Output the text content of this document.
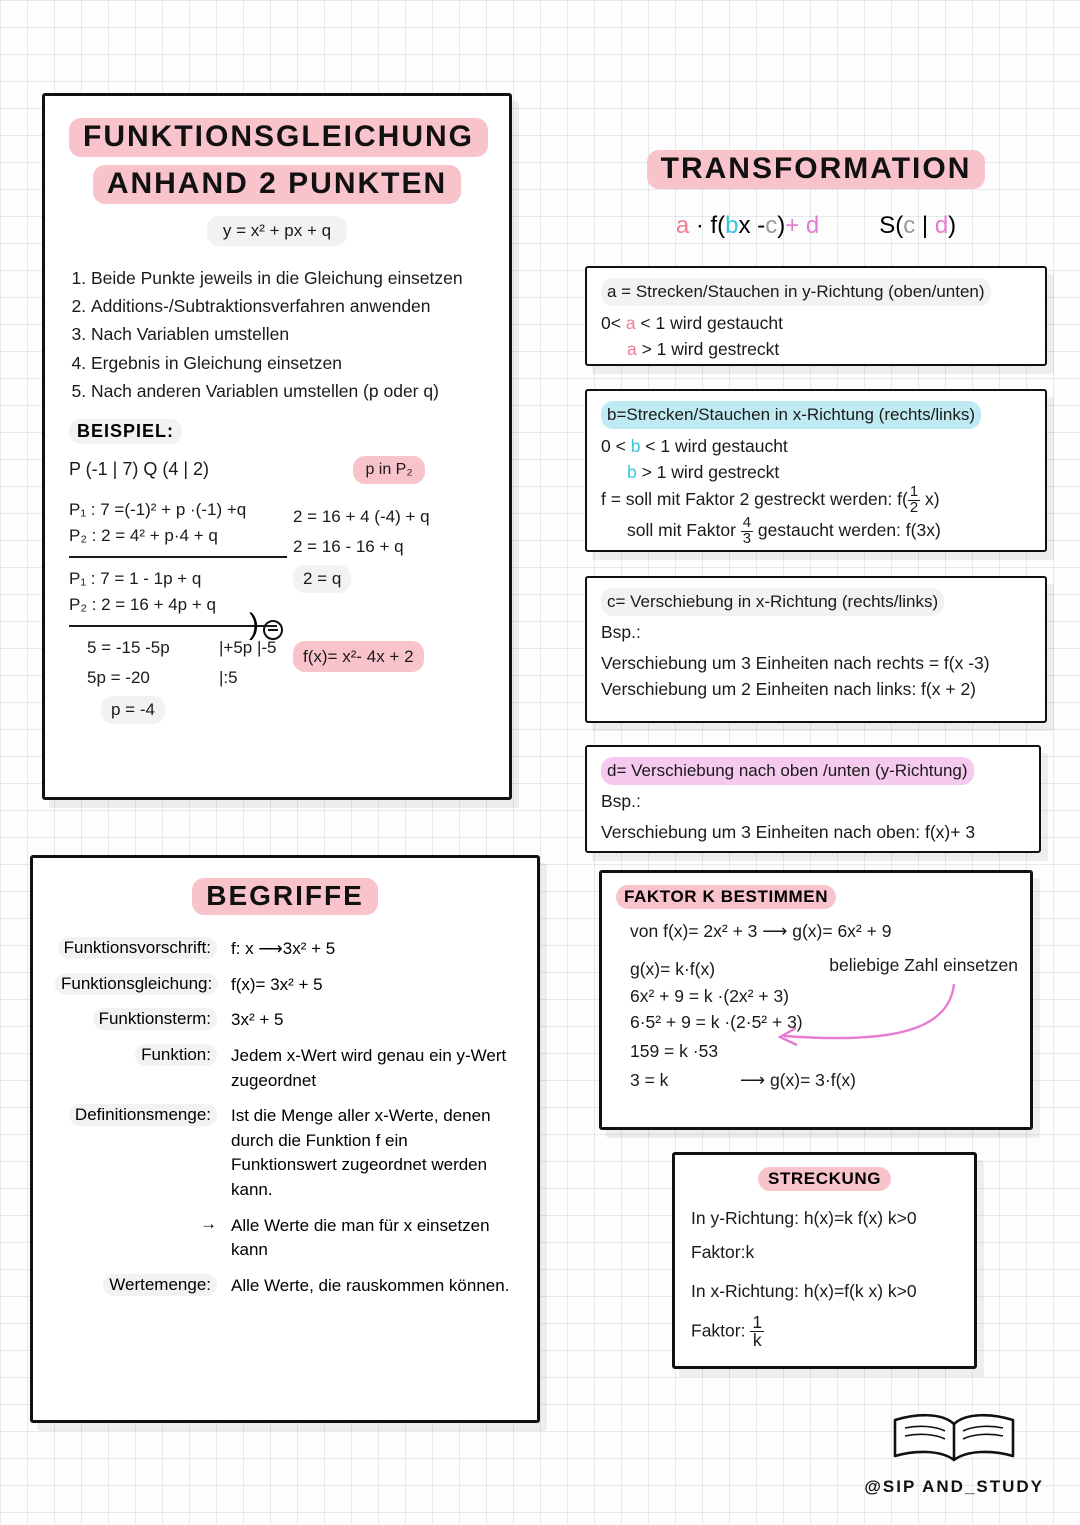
FUNKTIONSGLEICHUNG
ANHAND 2 PUNKTEN
y = x² + px + q
1. Beide Punkte jeweils in die Gleichung einsetzen
2. Additions-/Subtraktionsverfahren anwenden
3. Nach Variablen umstellen
4. Ergebnis in Gleichung einsetzen
5. Nach anderen Variablen umstellen (p oder q)
BEISPIEL:
P (-1 | 7) Q (4 | 2)
P₁ : 7 =(-1)² + p ·(-1) +q
P₂ : 2 = 4² + p·4 + q
P₁ : 7 = 1 - 1p + q
P₂ : 2 = 16 + 4p + q
5 = -15 -5p	|+5p |-5
5p = -20	|:5
p = -4
p in P₂
2 = 16 + 4 (-4) + q
2 = 16 - 16 + q
2 = q
f(x)= x²- 4x + 2
)
BEGRIFFE
Funktionsvorschrift:	f: x ⟶3x² + 5
Funktionsgleichung:	f(x)= 3x² + 5
Funktionsterm:	3x² + 5
Funktion:	Jedem x-Wert wird genau ein y-Wert zugeordnet
Definitionsmenge:	Ist die Menge aller x-Werte, denen durch die Funktion f ein Funktionswert zugeordnet werden kann.
→ Alle Werte die man für x einsetzen kann
Wertemenge:	Alle Werte, die rauskommen können.
TRANSFORMATION
a · f(bx -c)+ d	S(c | d)
a = Strecken/Stauchen in y-Richtung (oben/unten)
0< a < 1 wird gestaucht
a > 1 wird gestreckt
b=Strecken/Stauchen in x-Richtung (rechts/links)
0 < b < 1 wird gestaucht
b > 1 wird gestreckt
f = soll mit Faktor 2 gestreckt werden: $f( \frac{1}{2} x)$
soll mit Faktor $\frac{4}{3}$ gestaucht werden: f(3x)
c= Verschiebung in x-Richtung (rechts/links)
Bsp.:
Verschiebung um 3 Einheiten nach rechts = f(x -3)
Verschiebung um 2 Einheiten nach links: f(x + 2)
d= Verschiebung nach oben /unten (y-Richtung)
Bsp.:
Verschiebung um 3 Einheiten nach oben: f(x)+ 3
FAKTOR K BESTIMMEN
von f(x)= 2x² + 3 ⟶ g(x)= 6x² + 9
g(x)= k·f(x)
6x² + 9 = k ·(2x² + 3)
6·5² + 9 = k ·(2·5² + 3)
159 = k ·53
3 = k	⟶ g(x)= 3·f(x)
beliebige Zahl einsetzen
STRECKUNG
In y-Richtung: h(x)=k f(x) k>0
Faktor:k
In x-Richtung: h(x)=f(k x) k>0
Faktor: $\frac{1}{k}$
@SIP AND_STUDY
